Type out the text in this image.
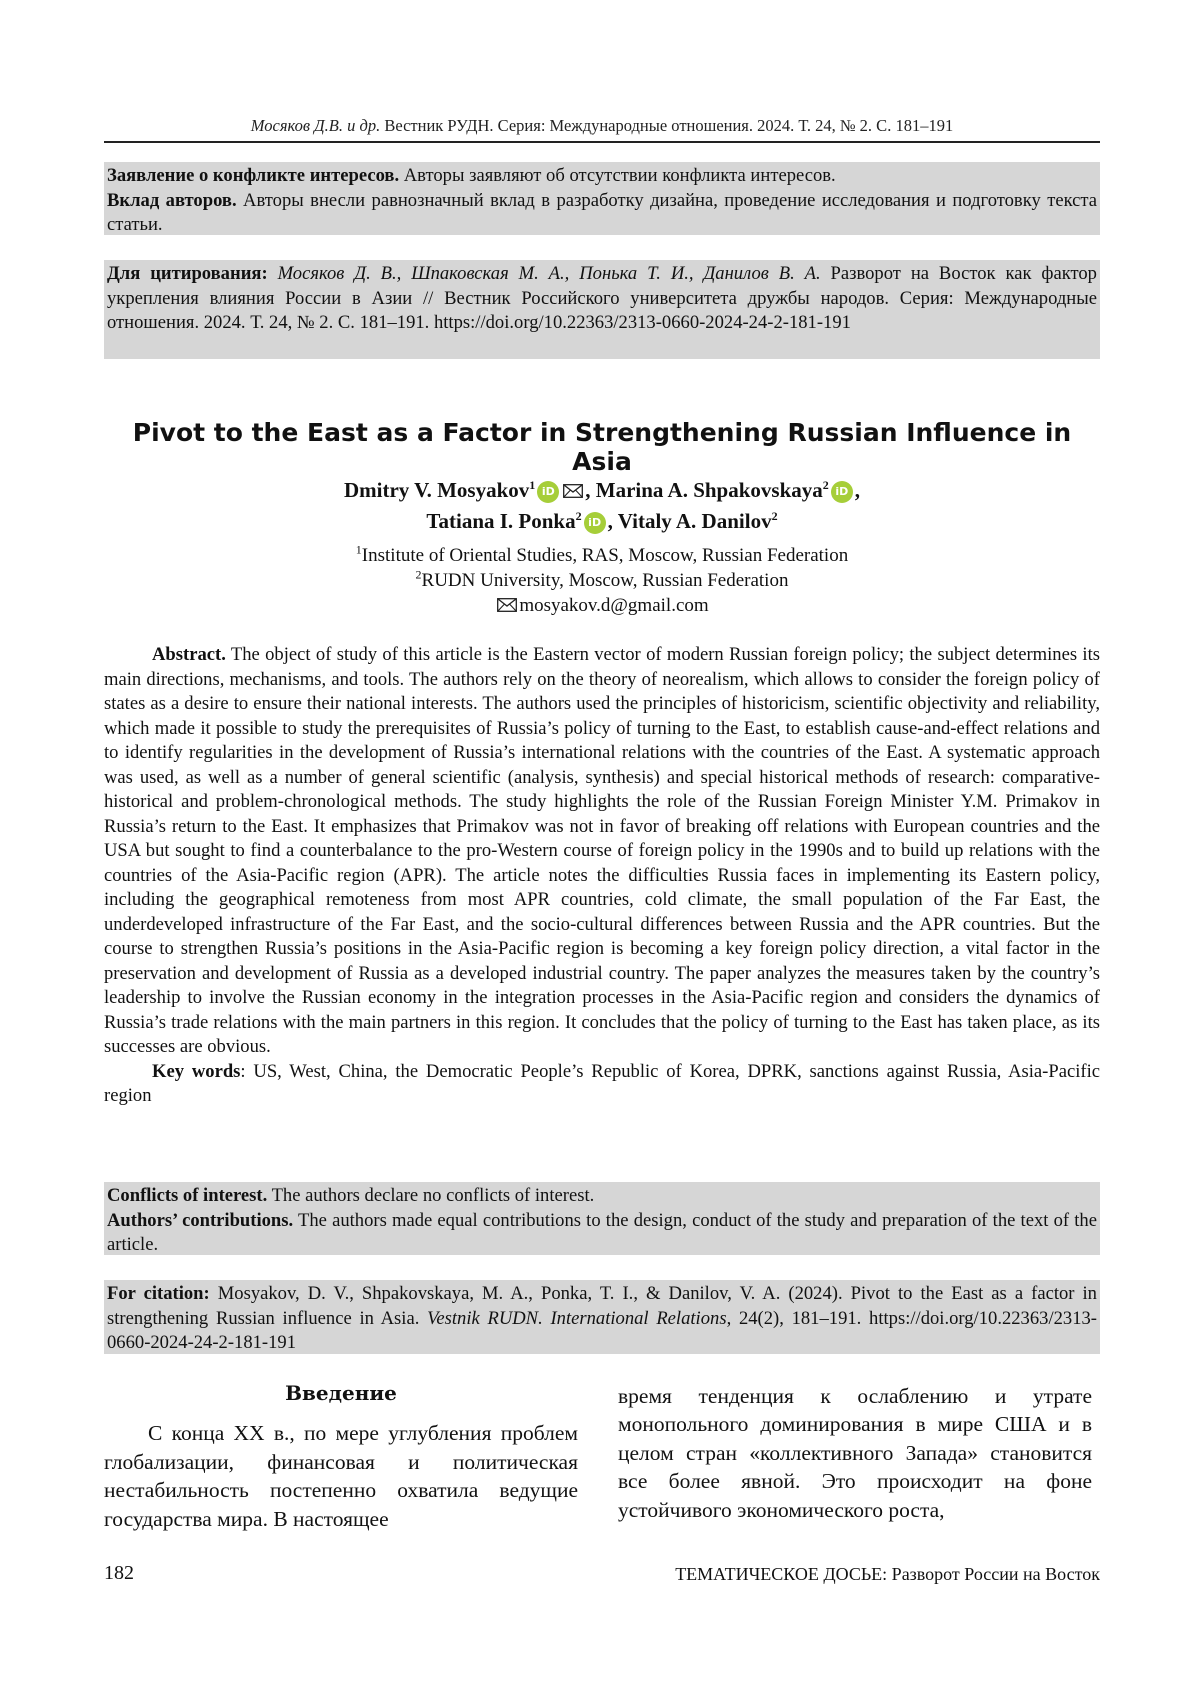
Мосяков Д.В. и др. Вестник РУДН. Серия: Международные отношения. 2024. Т. 24, № 2. С. 181–191

Заявление о конфликте интересов. Авторы заявляют об отсутствии конфликта интересов.

Вклад авторов. Авторы внесли равнозначный вклад в разработку дизайна, проведение исследования и подготовку текста статьи.

Для цитирования: Мосяков Д. В., Шпаковская М. А., Понька Т. И., Данилов В. А. Разворот на Восток как фактор укрепления влияния России в Азии // Вестник Российского университета дружбы народов. Серия: Международные отношения. 2024. Т. 24, № 2. С. 181–191. https://doi.org/10.22363/2313-0660-2024-24-2-181-191

Pivot to the East as a Factor in Strengthening Russian Influence in Asia
Dmitry V. Mosyakov1 iD , Marina A. Shpakovskaya2 iD ,
Tatiana I. Ponka2 iD , Vitaly A. Danilov2
1Institute of Oriental Studies, RAS, Moscow, Russian Federation
2RUDN University, Moscow, Russian Federation
mosyakov.d@gmail.com

Abstract. The object of study of this article is the Eastern vector of modern Russian foreign policy; the subject determines its main directions, mechanisms, and tools. The authors rely on the theory of neorealism, which allows to consider the foreign policy of states as a desire to ensure their national interests. The authors used the principles of historicism, scientific objectivity and reliability, which made it possible to study the prerequisites of Russia’s policy of turning to the East, to establish cause-and-effect relations and to identify regularities in the development of Russia’s international relations with the countries of the East. A systematic approach was used, as well as a number of general scientific (analysis, synthesis) and special historical methods of research: comparative-historical and problem-chronological methods. The study highlights the role of the Russian Foreign Minister Y.M. Primakov in Russia’s return to the East. It emphasizes that Primakov was not in favor of breaking off relations with European countries and the USA but sought to find a counterbalance to the pro-Western course of foreign policy in the 1990s and to build up relations with the countries of the Asia-Pacific region (APR). The article notes the difficulties Russia faces in implementing its Eastern policy, including the geographical remoteness from most APR countries, cold climate, the small population of the Far East, the underdeveloped infrastructure of the Far East, and the socio-cultural differences between Russia and the APR countries. But the course to strengthen Russia’s positions in the Asia-Pacific region is becoming a key foreign policy direction, a vital factor in the preservation and development of Russia as a developed industrial country. The paper analyzes the measures taken by the country’s leadership to involve the Russian economy in the integration processes in the Asia-Pacific region and considers the dynamics of Russia’s trade relations with the main partners in this region. It concludes that the policy of turning to the East has taken place, as its successes are obvious.

Key words: US, West, China, the Democratic People’s Republic of Korea, DPRK, sanctions against Russia, Asia-Pacific region

Conflicts of interest. The authors declare no conflicts of interest.

Authors’ contributions. The authors made equal contributions to the design, conduct of the study and preparation of the text of the article.

For citation: Mosyakov, D. V., Shpakovskaya, M. A., Ponka, T. I., & Danilov, V. A. (2024). Pivot to the East as a factor in strengthening Russian influence in Asia. Vestnik RUDN. International Relations, 24(2), 181–191. https://doi.org/10.22363/2313-0660-2024-24-2-181-191

Введение

С конца XX в., по мере углубления проблем глобализации, финансовая и политическая нестабильность постепенно охватила ведущие государства мира. В настоящее

время тенденция к ослаблению и утрате монопольного доминирования в мире США и в целом стран «коллективного Запада» становится все более явной. Это происходит на фоне устойчивого экономического роста,

182	ТЕМАТИЧЕСКОЕ ДОСЬЕ: Разворот России на Восток
